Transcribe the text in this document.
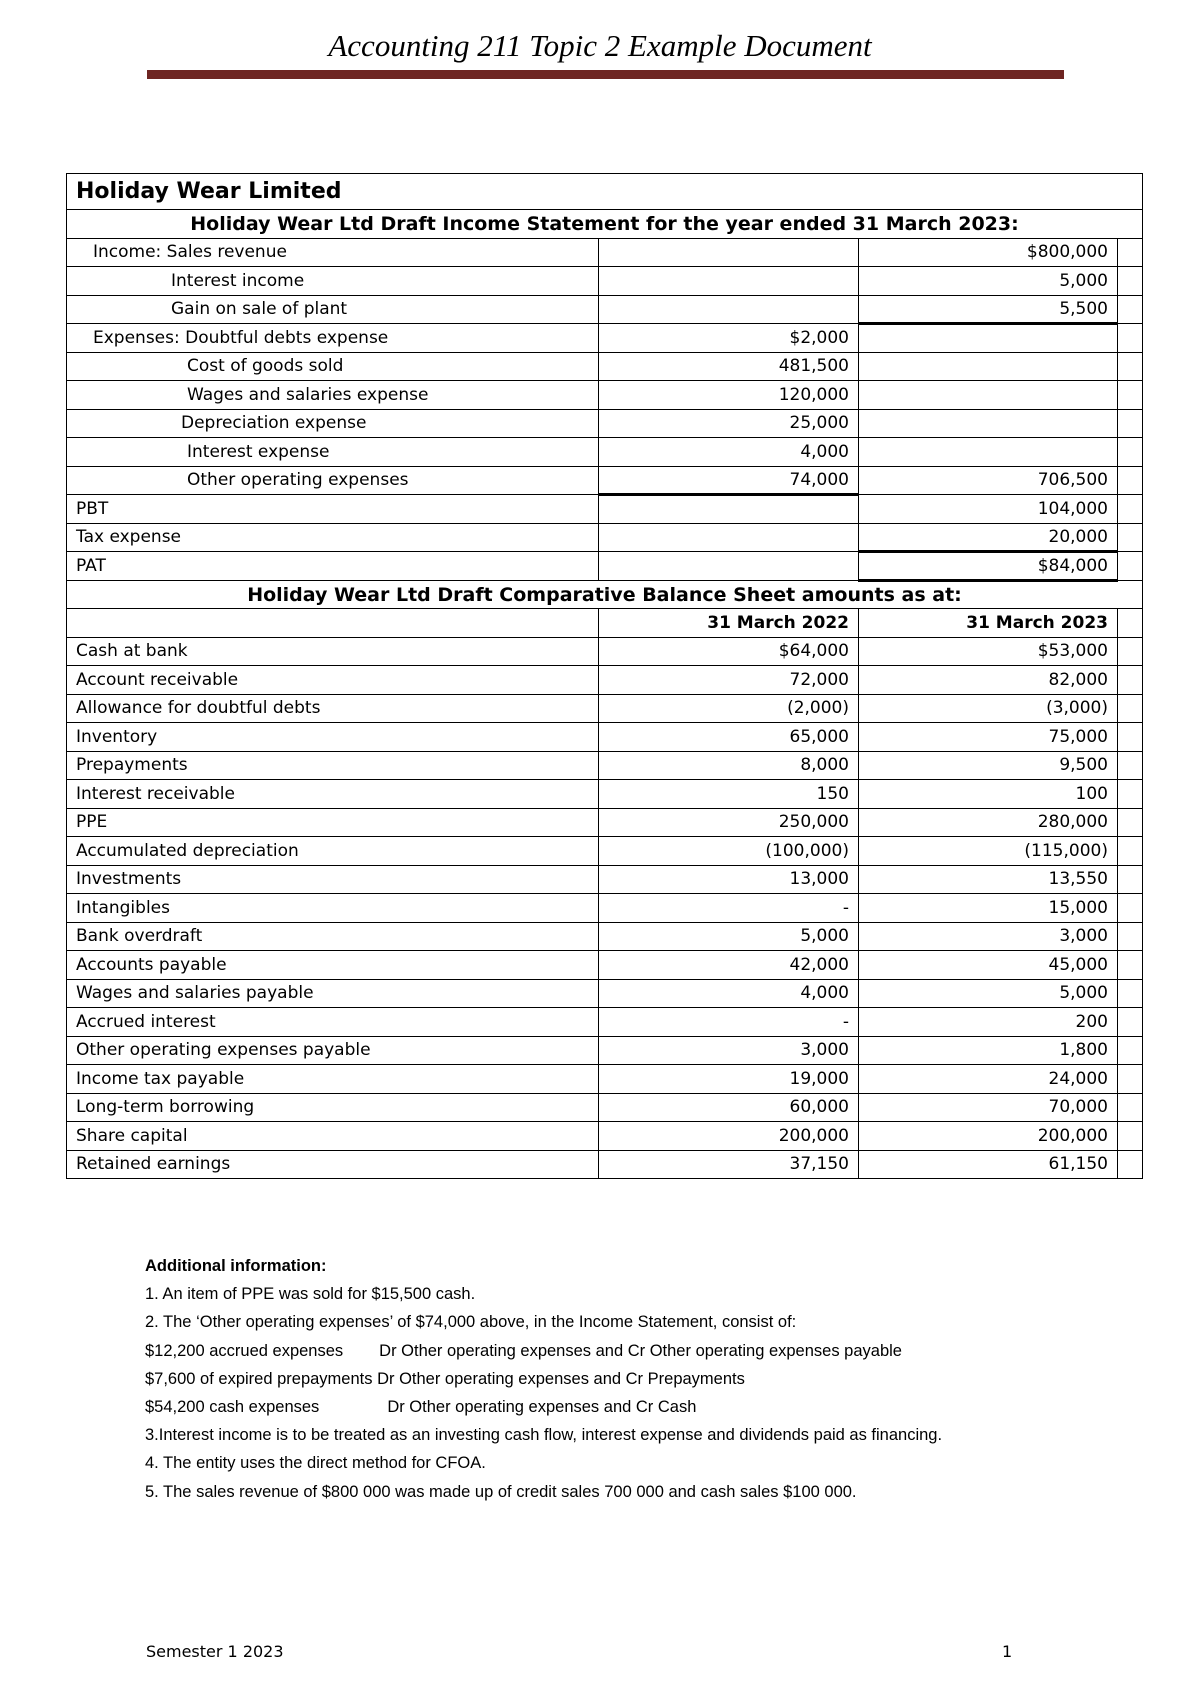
Accounting 211 Topic 2 Example Document
Holiday Wear Limited			
Holiday Wear Ltd Draft Income Statement for the year ended 31 March 2023:			
Income: Sales revenue		$800,000	
Interest income		5,000	
Gain on sale of plant		5,500	
Expenses: Doubtful debts expense	$2,000		
Cost of goods sold	481,500		
Wages and salaries expense	120,000		
Depreciation expense	25,000		
Interest expense	4,000		
Other operating expenses	74,000	706,500	
PBT		104,000	
Tax expense		20,000	
PAT		$84,000	
Holiday Wear Ltd Draft Comparative Balance Sheet amounts as at:			
	31 March 2022	31 March 2023	
Cash at bank	$64,000	$53,000	
Account receivable	72,000	82,000	
Allowance for doubtful debts	(2,000)	(3,000)	
Inventory	65,000	75,000	
Prepayments	8,000	9,500	
Interest receivable	150	100	
PPE	250,000	280,000	
Accumulated depreciation	(100,000)	(115,000)	
Investments	13,000	13,550	
Intangibles	-	15,000	
Bank overdraft	5,000	3,000	
Accounts payable	42,000	45,000	
Wages and salaries payable	4,000	5,000	
Accrued interest	-	200	
Other operating expenses payable	3,000	1,800	
Income tax payable	19,000	24,000	
Long-term borrowing	60,000	70,000	
Share capital	200,000	200,000	
Retained earnings	37,150	61,150	
Additional information:
1. An item of PPE was sold for $15,500 cash.
2. The ‘Other operating expenses’ of $74,000 above, in the Income Statement, consist of:
$12,200 accrued expenses Dr Other operating expenses and Cr Other operating expenses payable
$7,600 of expired prepayments Dr Other operating expenses and Cr Prepayments
$54,200 cash expenses	Dr Other operating expenses and Cr Cash
3.Interest income is to be treated as an investing cash flow, interest expense and dividends paid as financing.
4. The entity uses the direct method for CFOA.
5. The sales revenue of $800 000 was made up of credit sales 700 000 and cash sales $100 000.
Semester 1 2023	1
